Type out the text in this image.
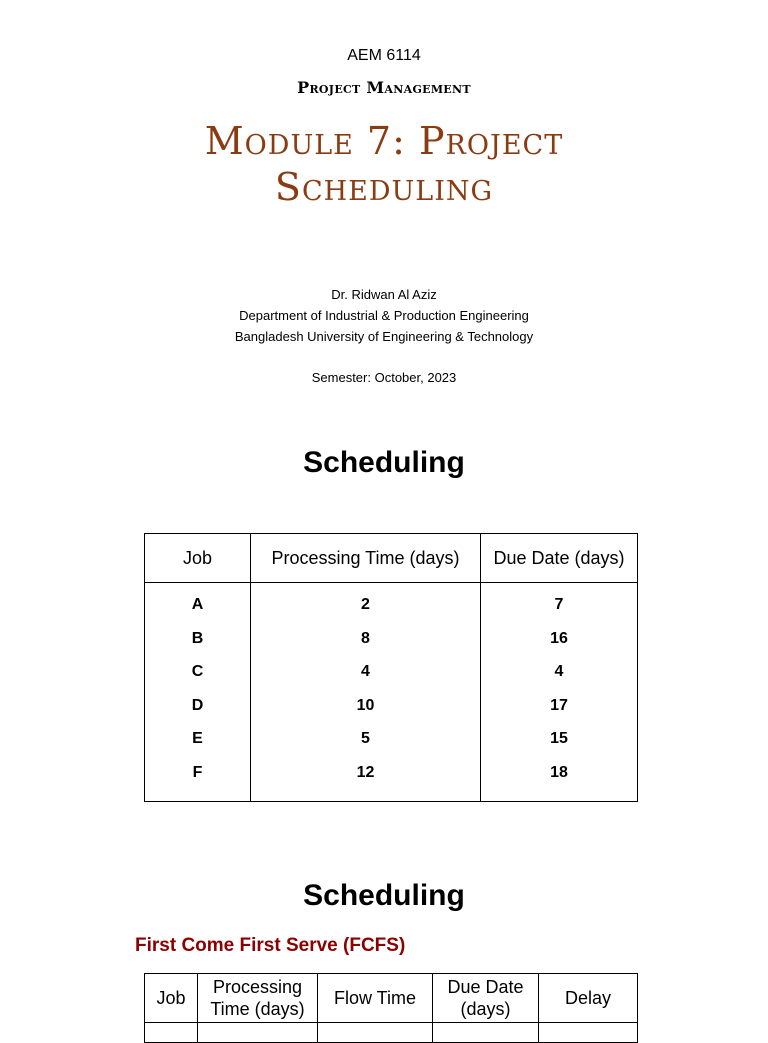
AEM 6114
Project Management
Module 7: Project
Scheduling
Dr. Ridwan Al Aziz
Department of Industrial & Production Engineering
Bangladesh University of Engineering & Technology
Semester: October, 2023
Scheduling
Job	Processing Time (days)	Due Date (days)
A
B
C
D
E
F
2
8
4
10
5
12
7
16
4
17
15
18
Scheduling
First Come First Serve (FCFS)
Job
Processing
Time (days)
Flow Time
Due Date
(days)
Delay
